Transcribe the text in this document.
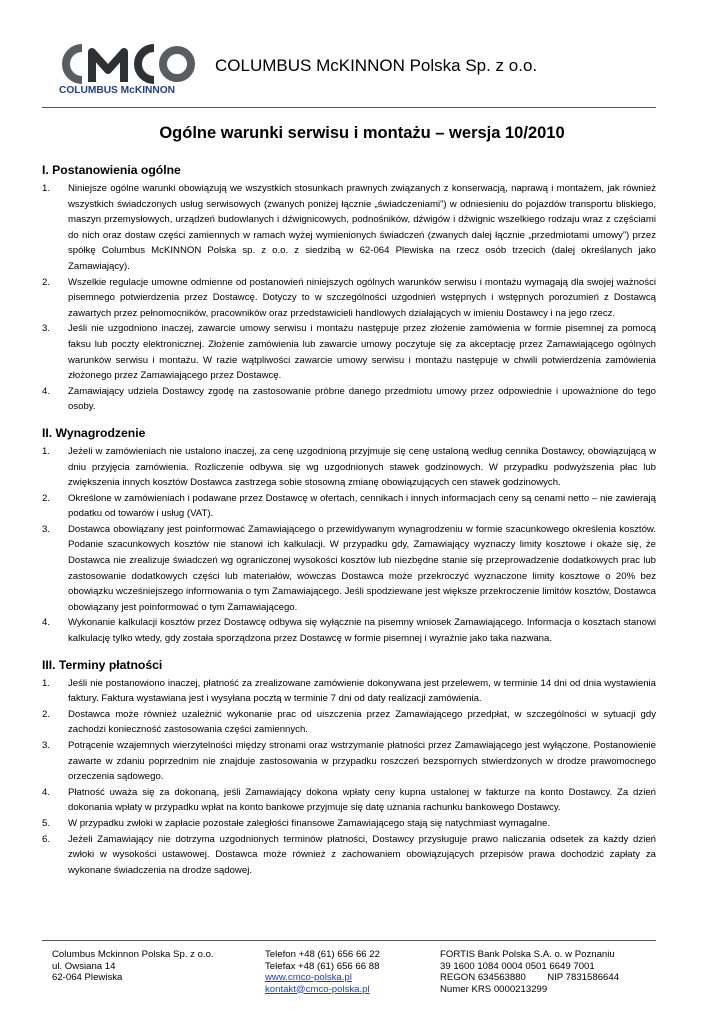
COLUMBUS McKINNON
COLUMBUS McKINNON Polska Sp. z o.o.
Ogólne warunki serwisu i montażu – wersja 10/2010
I. Postanowienia ogólne
1.	Niniejsze ogólne warunki obowiązują we wszystkich stosunkach prawnych związanych z konserwacją, naprawą i montażem, jak również wszystkich świadczonych usług serwisowych (zwanych poniżej łącznie „świadczeniami”) w odniesieniu do pojazdów transportu bliskiego, maszyn przemysłowych, urządzeń budowlanych i dźwignicowych, podnośników, dźwigów i dźwignic wszelkiego rodzaju wraz z częściami do nich oraz dostaw części zamiennych w ramach wyżej wymienionych świadczeń (zwanych dalej łącznie „przedmiotami umowy”) przez spółkę Columbus McKINNON Polska sp. z o.o. z siedzibą w 62-064 Plewiska na rzecz osób trzecich (dalej określanych jako Zamawiający).
2.	Wszelkie regulacje umowne odmienne od postanowień niniejszych ogólnych warunków serwisu i montażu wymagają dla swojej ważności pisemnego potwierdzenia przez Dostawcę. Dotyczy to w szczególności uzgodnień wstępnych i wstępnych porozumień z Dostawcą zawartych przez pełnomocników, pracowników oraz przedstawicieli handlowych działających w imieniu Dostawcy i na jego rzecz.
3.	Jeśli nie uzgodniono inaczej, zawarcie umowy serwisu i montażu następuje przez złożenie zamówienia w formie pisemnej za pomocą faksu lub poczty elektronicznej. Złożenie zamówienia lub zawarcie umowy poczytuje się za akceptację przez Zamawiającego ogólnych warunków serwisu i montażu. W razie wątpliwości zawarcie umowy serwisu i montażu następuje w chwili potwierdzenia zamówienia złożonego przez Zamawiającego przez Dostawcę.
4.	Zamawiający udziela Dostawcy zgodę na zastosowanie próbne danego przedmiotu umowy przez odpowiednie i upoważnione do tego osoby.
II. Wynagrodzenie
1.	Jeżeli w zamówieniach nie ustalono inaczej, za cenę uzgodnioną przyjmuje się cenę ustaloną według cennika Dostawcy, obowiązującą w dniu przyjęcia zamówienia. Rozliczenie odbywa się wg uzgodnionych stawek godzinowych. W przypadku podwyższenia płac lub zwiększenia innych kosztów Dostawca zastrzega sobie stosowną zmianę obowiązujących cen stawek godzinowych.
2.	Określone w zamówieniach i podawane przez Dostawcę w ofertach, cennikach i innych informacjach ceny są cenami netto – nie zawierają podatku od towarów i usług (VAT).
3.	Dostawca obowiązany jest poinformować Zamawiającego o przewidywanym wynagrodzeniu w formie szacunkowego określenia kosztów. Podanie szacunkowych kosztów nie stanowi ich kalkulacji. W przypadku gdy, Zamawiający wyznaczy limity kosztowe i okaże się, że Dostawca nie zrealizuje świadczeń wg ograniczonej wysokości kosztów lub niezbędne stanie się przeprowadzenie dodatkowych prac lub zastosowanie dodatkowych części lub materiałów, wówczas Dostawca może przekroczyć wyznaczone limity kosztowe o 20% bez obowiązku wcześniejszego informowania o tym Zamawiającego. Jeśli spodziewane jest większe przekroczenie limitów kosztów, Dostawca obowiązany jest poinformować o tym Zamawiającego.
4.	Wykonanie kalkulacji kosztów przez Dostawcę odbywa się wyłącznie na pisemny wniosek Zamawiającego. Informacja o kosztach stanowi kalkulację tylko wtedy, gdy została sporządzona przez Dostawcę w formie pisemnej i wyraźnie jako taka nazwana.
III. Terminy płatności
1.	Jeśli nie postanowiono inaczej, płatność za zrealizowane zamówienie dokonywana jest przelewem, w terminie 14 dni od dnia wystawienia faktury. Faktura wystawiana jest i wysyłana pocztą w terminie 7 dni od daty realizacji zamówienia.
2.	Dostawca może również uzależnić wykonanie prac od uiszczenia przez Zamawiającego przedpłat, w szczególności w sytuacji gdy zachodzi konieczność zastosowania części zamiennych.
3.	Potrącenie wzajemnych wierzytelności między stronami oraz wstrzymanie płatności przez Zamawiającego jest wyłączone. Postanowienie zawarte w zdaniu poprzednim nie znajduje zastosowania w przypadku roszczeń bezspornych stwierdzonych w drodze prawomocnego orzeczenia sądowego.
4.	Płatność uważa się za dokonaną, jeśli Zamawiający dokona wpłaty ceny kupna ustalonej w fakturze na konto Dostawcy. Za dzień dokonania wpłaty w przypadku wpłat na konto bankowe przyjmuje się datę uznania rachunku bankowego Dostawcy.
5.	W przypadku zwłoki w zapłacie pozostałe zaległości finansowe Zamawiającego stają się natychmiast wymagalne.
6.	Jeżeli Zamawiający nie dotrzyma uzgodnionych terminów płatności, Dostawcy przysługuje prawo naliczania odsetek za każdy dzień zwłoki w wysokości ustawowej. Dostawca może również z zachowaniem obowiązujących przepisów prawa dochodzić zapłaty za wykonane świadczenia na drodze sądowej.
Columbus Mckinnon Polska Sp. z o.o.
ul. Owsiana 14
62-064 Plewiska
Telefon +48 (61) 656 66 22
Telefax +48 (61) 656 66 88
www.cmco-polska.pl
kontakt@cmco-polska.pl
FORTIS Bank Polska S.A. o. w Poznaniu
39 1600 1084 0004 0501 6649 7001
REGON 634563880        NIP 7831586644
Numer KRS 0000213299
